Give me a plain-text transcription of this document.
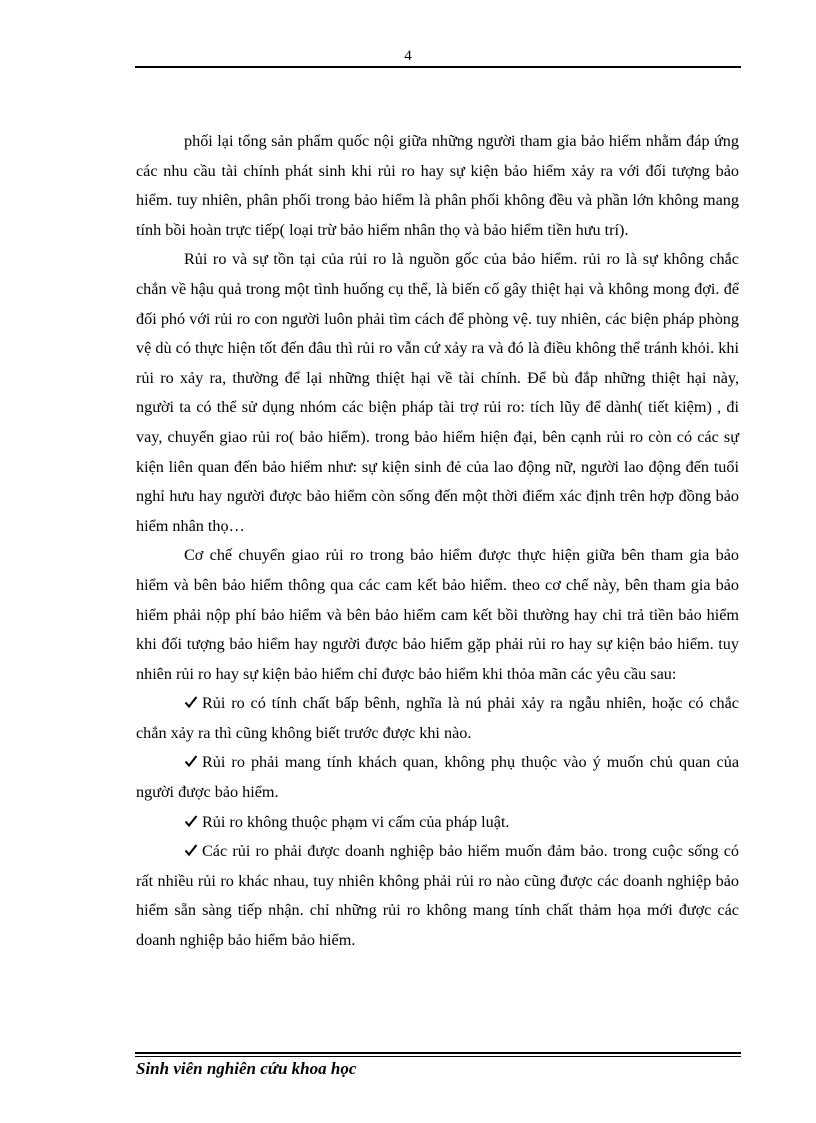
4

phối lại tổng sản phẩm quốc nội giữa những người tham gia bảo hiểm nhằm đáp ứng các nhu cầu tài chính phát sinh khi rủi ro hay sự kiện bảo hiểm xảy ra với đối tượng bảo hiểm. tuy nhiên, phân phối trong bảo hiểm là phân phối không đều và phần lớn không mang tính bồi hoàn trực tiếp( loại trừ bảo hiểm nhân thọ và bảo hiểm tiền hưu trí).

Rủi ro và sự tồn tại của rủi ro là nguồn gốc của bảo hiểm. rủi ro là sự không chắc chắn về hậu quả trong một tình huống cụ thể, là biến cố gây thiệt hại và không mong đợi. để đối phó với rủi ro con người luôn phải tìm cách để phòng vệ. tuy nhiên, các biện pháp phòng vệ dù có thực hiện tốt đến đâu thì rủi ro vẫn cứ xảy ra và đó là điều không thể tránh khỏi. khi rủi ro xảy ra, thường để lại những thiệt hại về tài chính. Để bù đắp những thiệt hại này, người ta có thể sử dụng nhóm các biện pháp tài trợ rủi ro: tích lũy để dành( tiết kiệm) , đi vay, chuyển giao rủi ro( bảo hiểm). trong bảo hiểm hiện đại, bên cạnh rủi ro còn có các sự kiện liên quan đến bảo hiểm như: sự kiện sinh đẻ của lao động nữ, người lao động đến tuổi nghỉ hưu hay người được bảo hiểm còn sống đến một thời điểm xác định trên hợp đồng bảo hiểm nhân thọ…

Cơ chế chuyển giao rủi ro trong bảo hiểm được thực hiện giữa bên tham gia bảo hiểm và bên bảo hiểm thông qua các cam kết bảo hiểm. theo cơ chế này, bên tham gia bảo hiểm phải nộp phí bảo hiểm và bên bảo hiểm cam kết bồi thường hay chi trả tiền bảo hiểm khi đối tượng bảo hiểm hay người được bảo hiểm gặp phải rủi ro hay sự kiện bảo hiểm. tuy nhiên rủi ro hay sự kiện bảo hiểm chỉ được bảo hiểm khi thỏa mãn các yêu cầu sau:

Rủi ro có tính chất bấp bênh, nghĩa là nú phải xảy ra ngẫu nhiên, hoặc có chắc chắn xảy ra thì cũng không biết trước được khi nào.

Rủi ro phải mang tính khách quan, không phụ thuộc vào ý muốn chủ quan của người được bảo hiểm.

Rủi ro không thuộc phạm vi cấm của pháp luật.

Các rủi ro phải được doanh nghiệp bảo hiểm muốn đảm bảo. trong cuộc sống có rất nhiều rủi ro khác nhau, tuy nhiên không phải rủi ro nào cũng được các doanh nghiệp bảo hiểm sẵn sàng tiếp nhận. chỉ những rủi ro không mang tính chất thảm họa mới được các doanh nghiệp bảo hiểm bảo hiểm.

Sinh viên nghiên cứu khoa học
